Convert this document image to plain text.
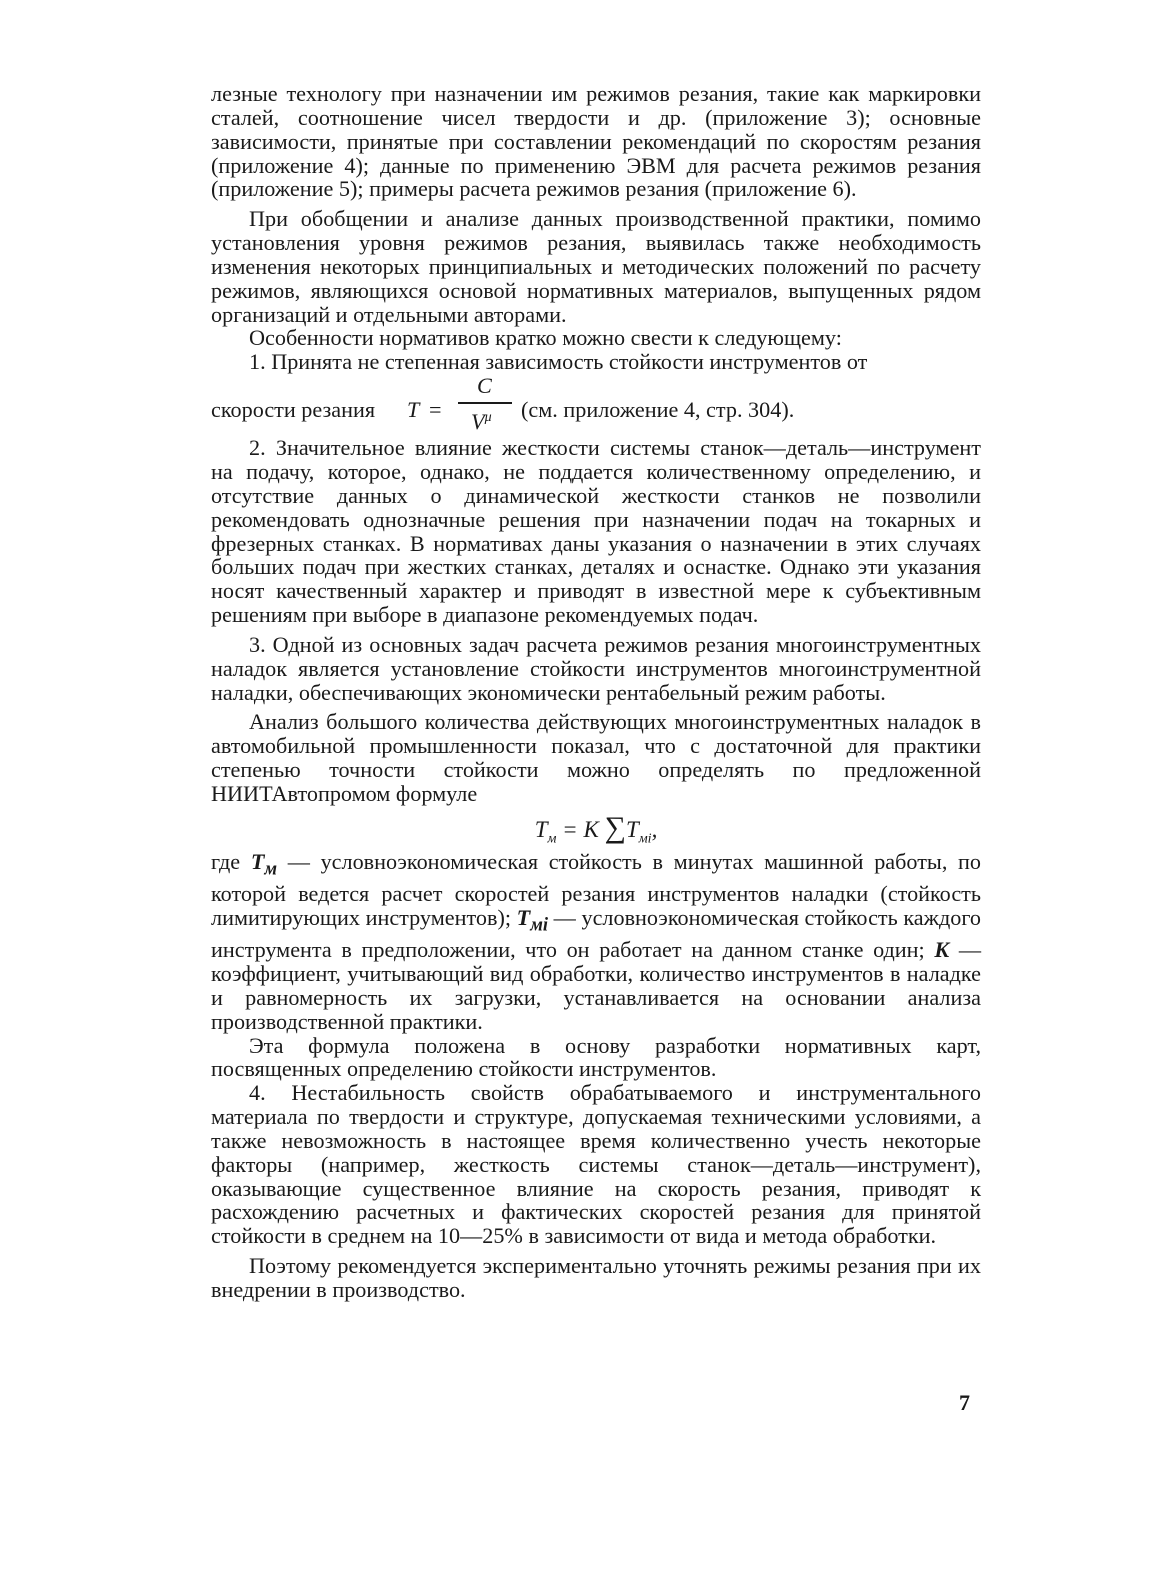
лезные технологу при назначении им режимов резания, такие как маркировки сталей, соотношение чисел твердости и др. (приложение 3); основные зависимости, принятые при составлении рекомендаций по скоростям резания (приложение 4); данные по применению ЭВМ для расчета режимов резания (приложение 5); примеры расчета режимов резания (приложение 6).

При обобщении и анализе данных производственной практики, помимо установления уровня режимов резания, выявилась также необходимость изменения некоторых принципиальных и методических положений по расчету режимов, являющихся основой нормативных материалов, выпущенных рядом организаций и отдельными авторами.

Особенности нормативов кратко можно свести к следующему:

1. Принята не степенная зависимость стойкости инструментов от

скорости резания T =
C
$V^\mu$ (см. приложение 4, стр. 304).

2. Значительное влияние жесткости системы станок—деталь—инструмент на подачу, которое, однако, не поддается количественному определению, и отсутствие данных о динамической жесткости станков не позволили рекомендовать однозначные решения при назначении подач на токарных и фрезерных станках. В нормативах даны указания о назначении в этих случаях больших подач при жестких станках, деталях и оснастке. Однако эти указания носят качественный характер и приводят в известной мере к субъективным решениям при выборе в диапазоне рекомендуемых подач.

3. Одной из основных задач расчета режимов резания многоинструментных наладок является установление стойкости инструментов многоинструментной наладки, обеспечивающих экономически рентабельный режим работы.

Анализ большого количества действующих многоинструментных наладок в автомобильной промышленности показал, что с достаточной для практики степенью точности стойкости можно определять по предложенной НИИТАвтопромом формуле

$T_м = K$ $\sum T_{мi}$,

где $T_м$ — условноэкономическая стойкость в минутах машинной работы, по которой ведется расчет скоростей резания инструментов наладки (стойкость лимитирующих инструментов); $T_{мi}$ — условноэкономическая стойкость каждого инструмента в предположении, что он работает на данном станке один; K — коэффициент, учитывающий вид обработки, количество инструментов в наладке и равномерность их загрузки, устанавливается на основании анализа производственной практики.

Эта формула положена в основу разработки нормативных карт, посвященных определению стойкости инструментов.

4. Нестабильность свойств обрабатываемого и инструментального материала по твердости и структуре, допускаемая техническими условиями, а также невозможность в настоящее время количественно учесть некоторые факторы (например, жесткость системы станок—деталь—инструмент), оказывающие существенное влияние на скорость резания, приводят к расхождению расчетных и фактических скоростей резания для принятой стойкости в среднем на 10—25% в зависимости от вида и метода обработки.

Поэтому рекомендуется экспериментально уточнять режимы резания при их внедрении в производство.

7
